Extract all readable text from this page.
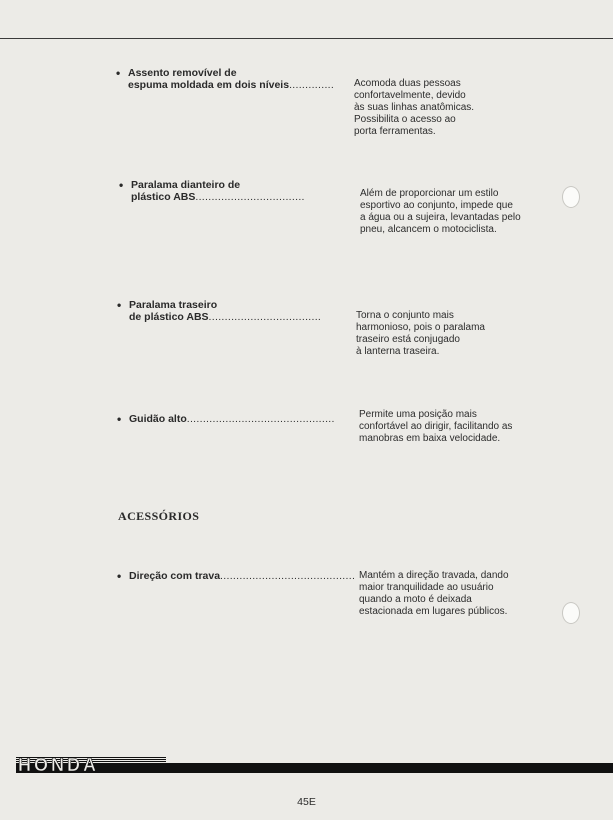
• Assento removível de
espuma moldada em dois níveis.............. Acomoda duas pessoas
confortavelmente, devido
às suas linhas anatômicas.
Possibilita o acesso ao
porta ferramentas.
• Paralama dianteiro de
plástico ABS..................................	Além de proporcionar um estilo
esportivo ao conjunto, impede que
a água ou a sujeira, levantadas pelo
pneu, alcancem o motociclista.
• Paralama traseiro
de plástico ABS...................................	Torna o conjunto mais
harmonioso, pois o paralama
traseiro está conjugado
à lanterna traseira.
• Guidão alto.............................................. Permite uma posição mais
confortável ao dirigir, facilitando as
manobras em baixa velocidade.
ACESSÓRIOS
• Direção com trava.......................................... Mantém a direção travada, dando
maior tranquilidade ao usuário
quando a moto é deixada
estacionada em lugares públicos.
HONDA
45E
